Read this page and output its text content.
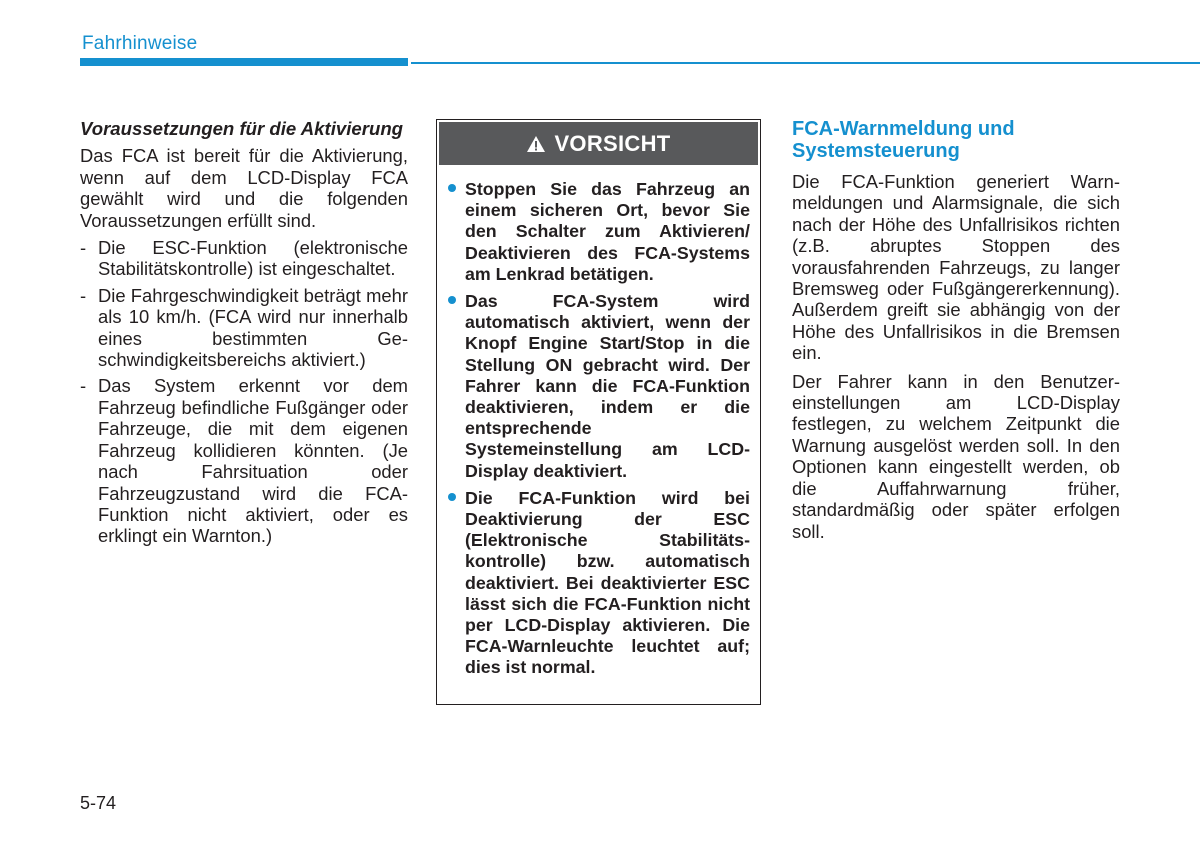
Fahrhinweise

Voraussetzungen für die Aktivierung

Das FCA ist bereit für die Aktivierung, wenn auf dem LCD-Display FCA gewählt wird und die folgenden Voraussetzungen erfüllt sind.

- Die ESC-Funktion (elektronische Stabilitätskontrolle) ist eingeschaltet.
- Die Fahrgeschwindigkeit beträgt mehr als 10 km/h. (FCA wird nur innerhalb eines bestimmten Geschwindigkeitsbereichs aktiviert.)
- Das System erkennt vor dem Fahrzeug befindliche Fußgänger oder Fahrzeuge, die mit dem eigenen Fahrzeug kollidieren könnten. (Je nach Fahrsituation oder Fahrzeugzustand wird die FCA-Funktion nicht aktiviert, oder es erklingt ein Warnton.)
VORSICHT
Stoppen Sie das Fahrzeug an einem sicheren Ort, bevor Sie den Schalter zum Aktivieren/ Deaktivieren des FCA-Systems am Lenkrad betätigen.
Das FCA-System wird automatisch aktiviert, wenn der Knopf Engine Start/Stop in die Stellung ON gebracht wird. Der Fahrer kann die FCA-Funktion deaktivieren, indem er die entsprechende Systemeinstellung am LCD-Display deaktiviert.
Die FCA-Funktion wird bei Deaktivierung der ESC (Elektronische Stabilitätskontrolle) bzw. automatisch deaktiviert. Bei deaktivierter ESC lässt sich die FCA-Funktion nicht per LCD-Display aktivieren. Die FCA-Warnleuchte leuchtet auf; dies ist normal.

FCA-Warnmeldung und Systemsteuerung

Die FCA-Funktion generiert Warnmeldungen und Alarmsignale, die sich nach der Höhe des Unfallrisikos richten (z.B. abruptes Stoppen des vorausfahrenden Fahrzeugs, zu langer Bremsweg oder Fußgängererkennung). Außerdem greift sie abhängig von der Höhe des Unfallrisikos in die Bremsen ein.

Der Fahrer kann in den Benutzereinstellungen am LCD-Display festlegen, zu welchem Zeitpunkt die Warnung ausgelöst werden soll. In den Optionen kann eingestellt werden, ob die Auffahrwarnung früher, standardmäßig oder später erfolgen soll.

5-74
